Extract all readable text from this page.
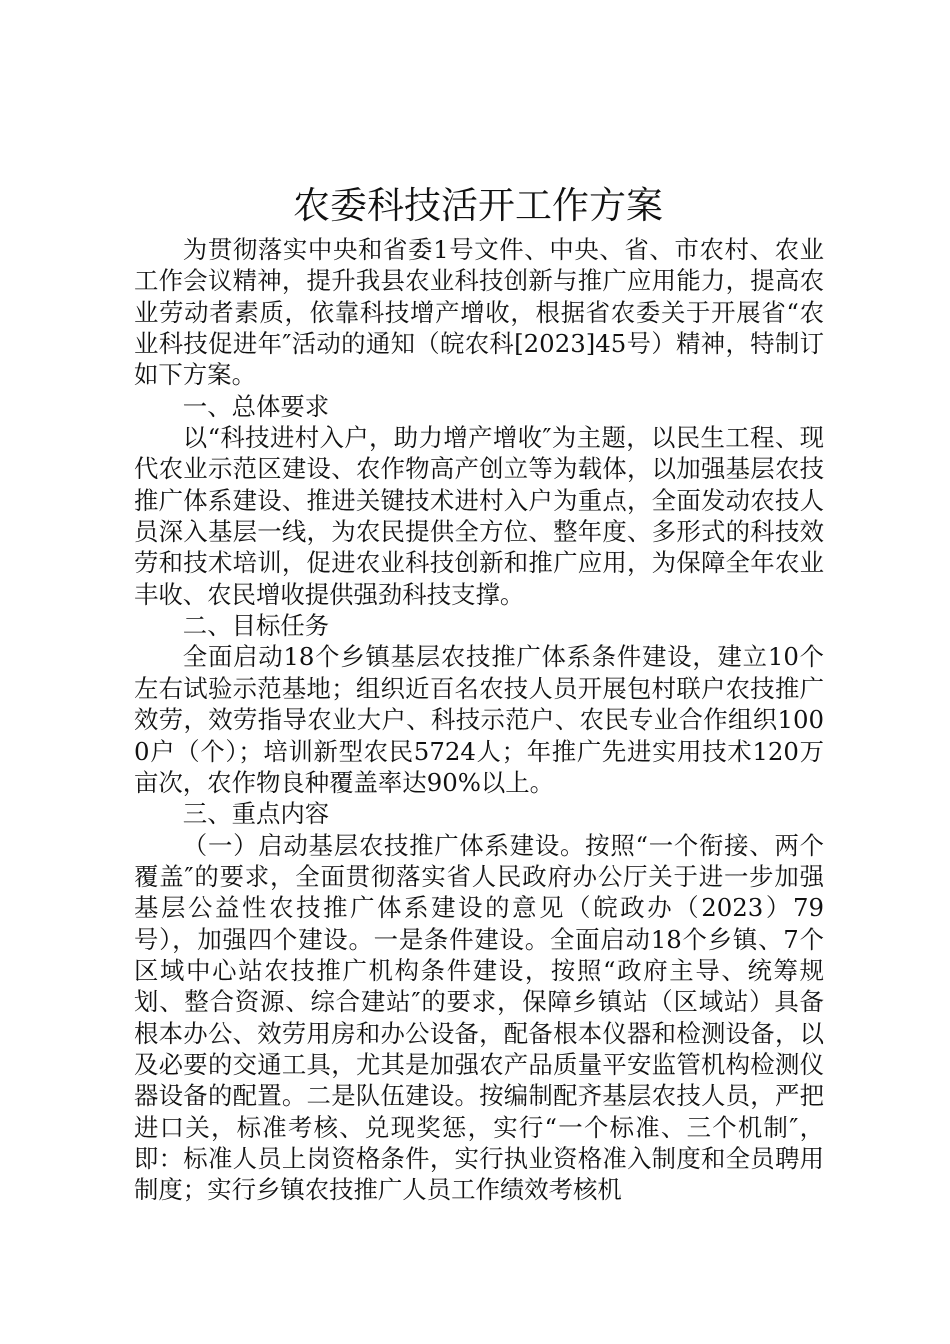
农委科技活开工作方案

为贯彻落实中央和省委1号文件、中央、省、市农村、农业工作会议精神，提升我县农业科技创新与推广应用能力，提高农业劳动者素质，依靠科技增产增收，根据省农委关于开展省“农业科技促进年″活动的通知（皖农科[2023]45号）精神，特制订如下方案。

一、总体要求

以“科技进村入户，助力增产增收″为主题，以民生工程、现代农业示范区建设、农作物高产创立等为载体，以加强基层农技推广体系建设、推进关键技术进村入户为重点，全面发动农技人员深入基层一线，为农民提供全方位、整年度、多形式的科技效劳和技术培训，促进农业科技创新和推广应用，为保障全年农业丰收、农民增收提供强劲科技支撑。

二、目标任务

全面启动18个乡镇基层农技推广体系条件建设，建立10个左右试验示范基地；组织近百名农技人员开展包村联户农技推广效劳，效劳指导农业大户、科技示范户、农民专业合作组织1000户（个）；培训新型农民5724人；年推广先进实用技术120万亩次，农作物良种覆盖率达90%以上。

三、重点内容

（一）启动基层农技推广体系建设。按照“一个衔接、两个覆盖″的要求，全面贯彻落实省人民政府办公厅关于进一步加强基层公益性农技推广体系建设的意见（皖政办（2023）79号），加强四个建设。一是条件建设。全面启动18个乡镇、7个区域中心站农技推广机构条件建设，按照“政府主导、统筹规划、整合资源、综合建站″的要求，保障乡镇站（区域站）具备根本办公、效劳用房和办公设备，配备根本仪器和检测设备，以及必要的交通工具，尤其是加强农产品质量平安监管机构检测仪器设备的配置。二是队伍建设。按编制配齐基层农技人员，严把进口关，标准考核、兑现奖惩，实行“一个标准、三个机制″，即：标准人员上岗资格条件，实行执业资格准入制度和全员聘用制度；实行乡镇农技推广人员工作绩效考核机
